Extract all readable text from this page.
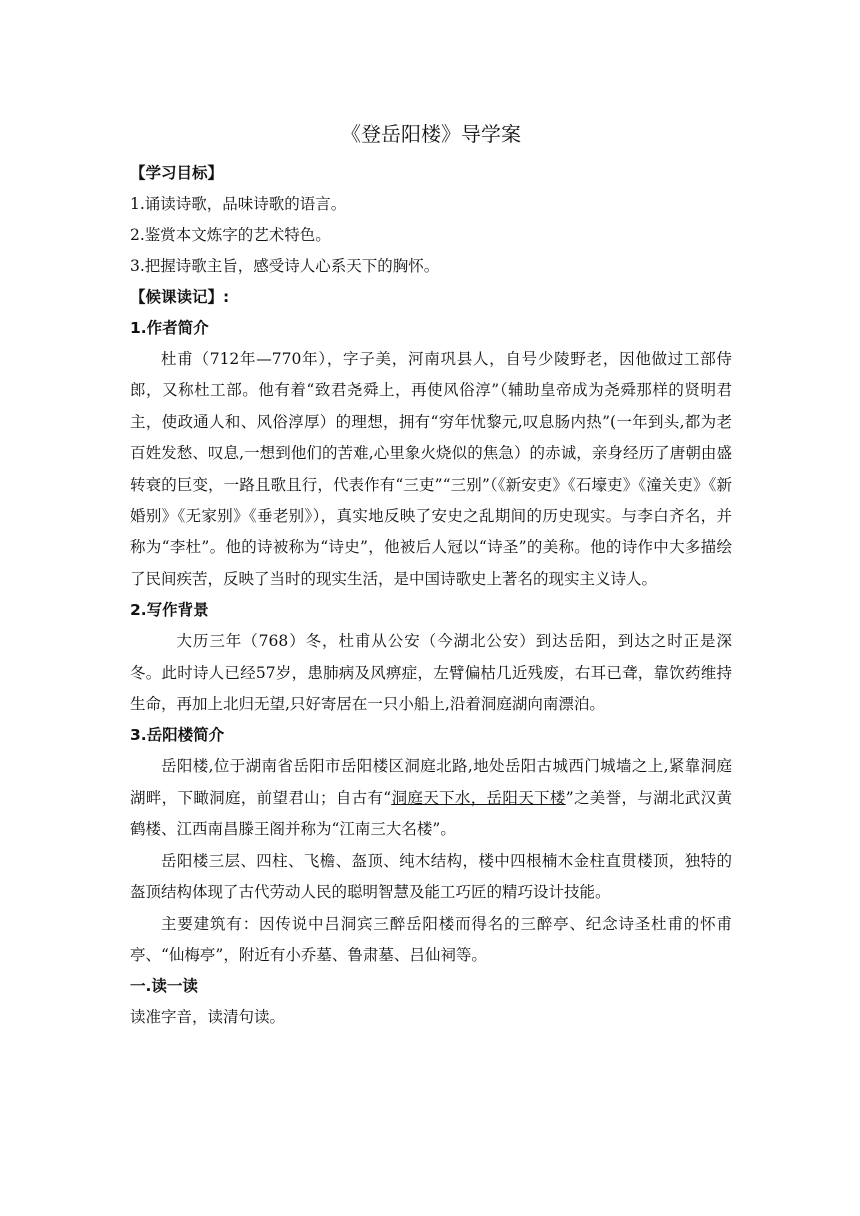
《登岳阳楼》导学案

【学习目标】

1.诵读诗歌，品味诗歌的语言。

2.鉴赏本文炼字的艺术特色。

3.把握诗歌主旨，感受诗人心系天下的胸怀。

【候课读记】:

1.作者简介

杜甫（712年—770年），字子美，河南巩县人，自号少陵野老，因他做过工部侍郎，又称杜工部。他有着“致君尧舜上，再使风俗淳”（辅助皇帝成为尧舜那样的贤明君主，使政通人和、风俗淳厚）的理想，拥有“穷年忧黎元,叹息肠内热”(一年到头,都为老百姓发愁、叹息,一想到他们的苦难,心里象火烧似的焦急）的赤诚，亲身经历了唐朝由盛转衰的巨变，一路且歌且行，代表作有“三吏”“三别”（《新安吏》《石壕吏》《潼关吏》《新婚别》《无家别》《垂老别》），真实地反映了安史之乱期间的历史现实。与李白齐名，并称为“李杜”。他的诗被称为“诗史”，他被后人冠以“诗圣”的美称。他的诗作中大多描绘了民间疾苦，反映了当时的现实生活，是中国诗歌史上著名的现实主义诗人。

2.写作背景

大历三年（768）冬，杜甫从公安（今湖北公安）到达岳阳，到达之时正是深冬。此时诗人已经57岁，患肺病及风痹症，左臂偏枯几近残废，右耳已聋，靠饮药维持生命，再加上北归无望,只好寄居在一只小船上,沿着洞庭湖向南漂泊。

3.岳阳楼简介

岳阳楼,位于湖南省岳阳市岳阳楼区洞庭北路,地处岳阳古城西门城墙之上,紧靠洞庭湖畔，下瞰洞庭，前望君山；自古有“洞庭天下水，岳阳天下楼”之美誉，与湖北武汉黄鹤楼、江西南昌滕王阁并称为“江南三大名楼”。

岳阳楼三层、四柱、飞檐、盔顶、纯木结构，楼中四根楠木金柱直贯楼顶，独特的盔顶结构体现了古代劳动人民的聪明智慧及能工巧匠的精巧设计技能。

主要建筑有：因传说中吕洞宾三醉岳阳楼而得名的三醉亭、纪念诗圣杜甫的怀甫亭、“仙梅亭”，附近有小乔墓、鲁肃墓、吕仙祠等。

一.读一读

读准字音，读清句读。
